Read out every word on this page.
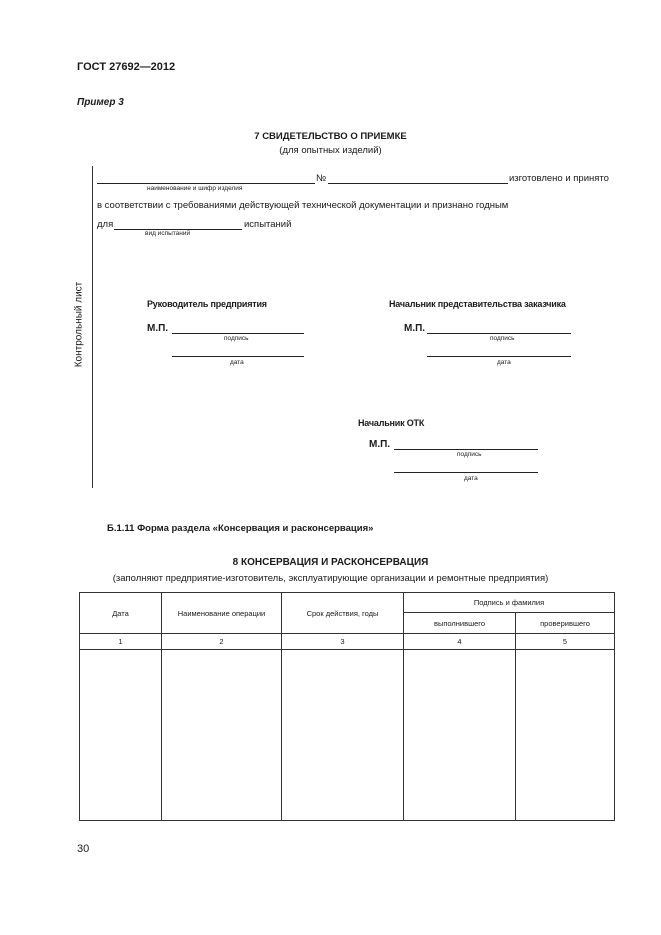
ГОСТ 27692—2012
Пример 3
7 СВИДЕТЕЛЬСТВО О ПРИЕМКЕ
(для опытных изделий)
Контрольный лист
№	изготовлено и принято
наименование и шифр изделия
в соответствии с требованиями действующей технической документации и признано годным
для	испытаний
вид испытаний
Руководитель предприятия
М.П.
подпись
дата
Начальник представительства заказчика
М.П.
подпись
дата
Начальник ОТК
М.П.
подпись
дата
Б.1.11 Форма раздела «Консервация и расконсервация»
8 КОНСЕРВАЦИЯ И РАСКОНСЕРВАЦИЯ
(заполняют предприятие-изготовитель, эксплуатирующие организации и ремонтные предприятия)
Дата	Наименование операции	Срок действия, годы	Подпись и фамилия	
			выполнившего	проверившего
1	2	3	4	5

30
